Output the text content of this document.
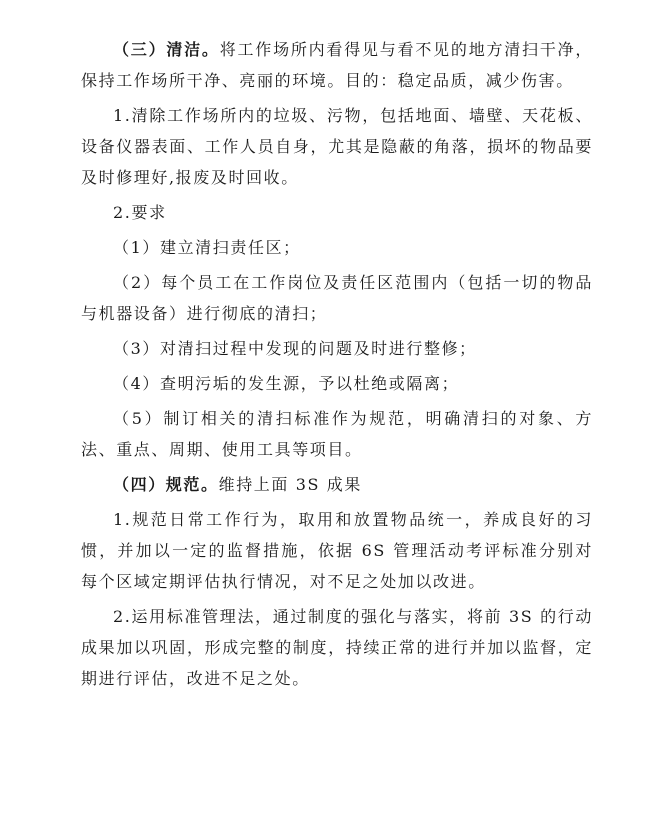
（三）清洁。将工作场所内看得见与看不见的地方清扫干净，保持工作场所干净、亮丽的环境。目的：稳定品质，减少伤害。

1.清除工作场所内的垃圾、污物，包括地面、墙壁、天花板、设备仪器表面、工作人员自身，尤其是隐蔽的角落，损坏的物品要及时修理好,报废及时回收。

2.要求

（1）建立清扫责任区；

（2）每个员工在工作岗位及责任区范围内（包括一切的物品与机器设备）进行彻底的清扫；

（3）对清扫过程中发现的问题及时进行整修；

（4）查明污垢的发生源，予以杜绝或隔离；

（5）制订相关的清扫标准作为规范，明确清扫的对象、方法、重点、周期、使用工具等项目。

（四）规范。维持上面 3S 成果

1.规范日常工作行为，取用和放置物品统一，养成良好的习惯，并加以一定的监督措施，依据 6S 管理活动考评标准分别对每个区域定期评估执行情况，对不足之处加以改进。

2.运用标准管理法，通过制度的强化与落实，将前 3S 的行动成果加以巩固，形成完整的制度，持续正常的进行并加以监督，定期进行评估，改进不足之处。
